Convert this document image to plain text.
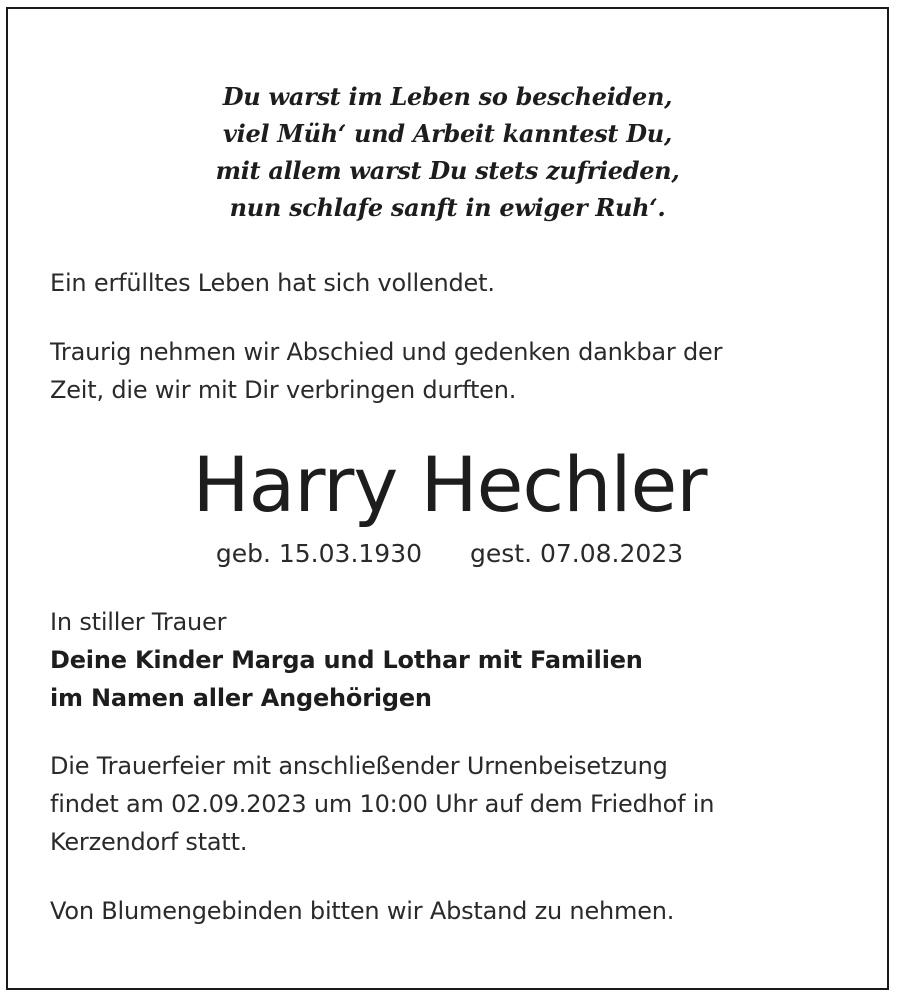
Du warst im Leben so bescheiden,
viel Müh‘ und Arbeit kanntest Du,
mit allem warst Du stets zufrieden,
nun schlafe sanft in ewiger Ruh‘.
Ein erfülltes Leben hat sich vollendet.
Traurig nehmen wir Abschied und gedenken dankbar der
Zeit, die wir mit Dir verbringen durften.
Harry Hechler
geb. 15.03.1930 gest. 07.08.2023
In stiller Trauer
Deine Kinder Marga und Lothar mit Familien
im Namen aller Angehörigen
Die Trauerfeier mit anschließender Urnenbeisetzung
findet am 02.09.2023 um 10:00 Uhr auf dem Friedhof in
Kerzendorf statt.
Von Blumengebinden bitten wir Abstand zu nehmen.
